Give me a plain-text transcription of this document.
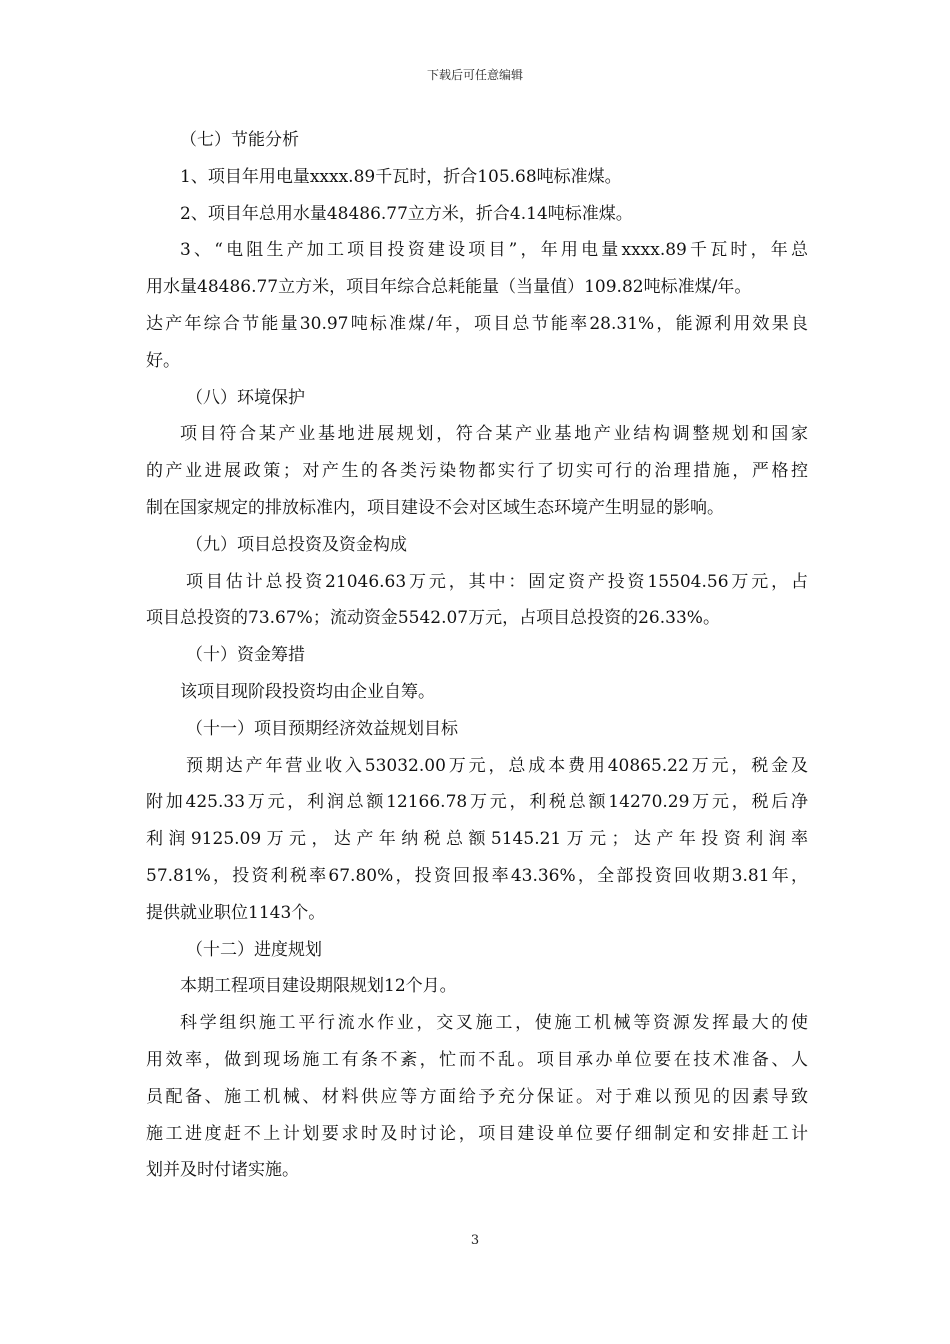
下载后可任意编辑
（七）节能分析
1、项目年用电量xxxx.89千瓦时，折合105.68吨标准煤。
2、项目年总用水量48486.77立方米，折合4.14吨标准煤。
3、“电阻生产加工项目投资建设项目”，年用电量xxxx.89千瓦时，年总
用水量48486.77立方米，项目年综合总耗能量（当量值）109.82吨标准煤/年。
达产年综合节能量30.97吨标准煤/年，项目总节能率28.31%，能源利用效果良
好。
（八）环境保护
项目符合某产业基地进展规划，符合某产业基地产业结构调整规划和国家
的产业进展政策；对产生的各类污染物都实行了切实可行的治理措施，严格控
制在国家规定的排放标准内，项目建设不会对区域生态环境产生明显的影响。
（九）项目总投资及资金构成
项目估计总投资21046.63万元，其中：固定资产投资15504.56万元，占
项目总投资的73.67%；流动资金5542.07万元，占项目总投资的26.33%。
（十）资金筹措
该项目现阶段投资均由企业自筹。
（十一）项目预期经济效益规划目标
预期达产年营业收入53032.00万元，总成本费用40865.22万元，税金及
附加425.33万元，利润总额12166.78万元，利税总额14270.29万元，税后净
利润9125.09万元，达产年纳税总额5145.21万元；达产年投资利润率
57.81%，投资利税率67.80%，投资回报率43.36%，全部投资回收期3.81年，
提供就业职位1143个。
（十二）进度规划
本期工程项目建设期限规划12个月。
科学组织施工平行流水作业，交叉施工，使施工机械等资源发挥最大的使
用效率，做到现场施工有条不紊，忙而不乱。项目承办单位要在技术准备、人
员配备、施工机械、材料供应等方面给予充分保证。对于难以预见的因素导致
施工进度赶不上计划要求时及时讨论，项目建设单位要仔细制定和安排赶工计
划并及时付诸实施。
3
